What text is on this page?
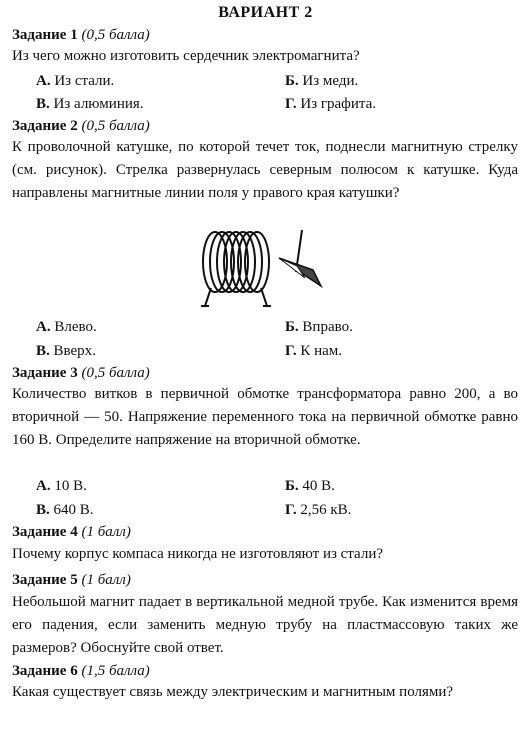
ВАРИАНТ 2
Задание 1 (0,5 балла)
Из чего можно изготовить сердечник электромагнита?
А. Из стали.	Б. Из меди.
В. Из алюминия.	Г. Из графита.
Задание 2 (0,5 балла)
К проволочной катушке, по которой течет ток, поднесли магнитную стрелку (см. рисунок). Стрелка развернулась северным полюсом к катушке. Куда направлены магнитные линии поля у правого края катушки?
А. Влево.	Б. Вправо.
В. Вверх.	Г. К нам.
Задание 3 (0,5 балла)
Количество витков в первичной обмотке трансформатора равно 200, а во вторичной — 50. Напряжение переменного тока на первичной обмотке равно 160 В. Определите напряжение на вторичной обмотке.
А. 10 В.	Б. 40 В.
В. 640 В.	Г. 2,56 кВ.
Задание 4 (1 балл)
Почему корпус компаса никогда не изготовляют из стали?
Задание 5 (1 балл)
Небольшой магнит падает в вертикальной медной трубе. Как изменится время его падения, если заменить медную трубу на пластмассовую таких же размеров? Обоснуйте свой ответ.
Задание 6 (1,5 балла)
Какая существует связь между электрическим и магнитным полями?
